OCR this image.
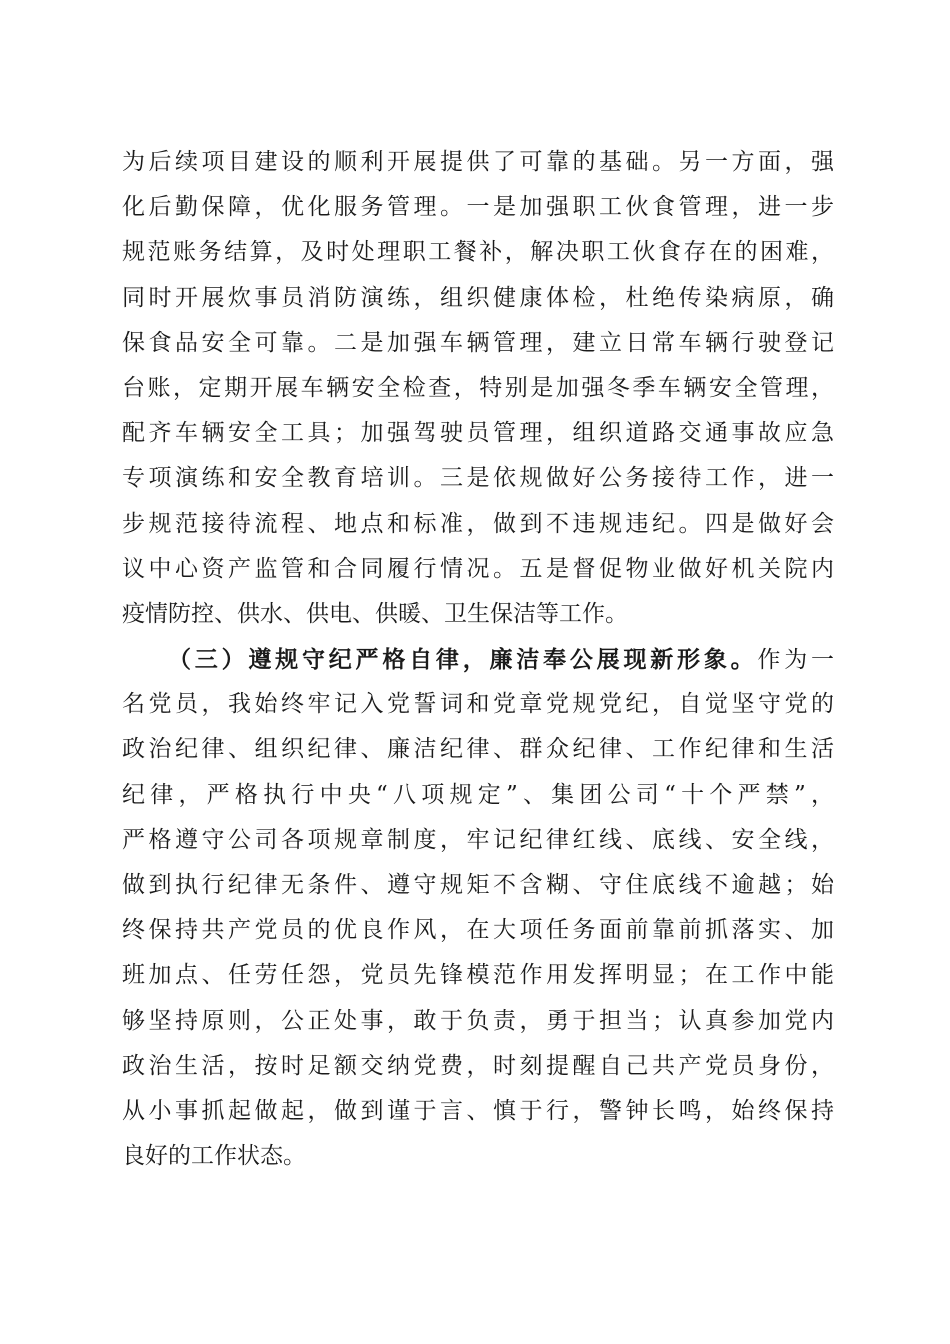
为后续项目建设的顺利开展提供了可靠的基础。另一方面，强
化后勤保障，优化服务管理。一是加强职工伙食管理，进一步
规范账务结算，及时处理职工餐补，解决职工伙食存在的困难，
同时开展炊事员消防演练，组织健康体检，杜绝传染病原，确
保食品安全可靠。二是加强车辆管理，建立日常车辆行驶登记
台账，定期开展车辆安全检查，特别是加强冬季车辆安全管理，
配齐车辆安全工具；加强驾驶员管理，组织道路交通事故应急
专项演练和安全教育培训。三是依规做好公务接待工作，进一
步规范接待流程、地点和标准，做到不违规违纪。四是做好会
议中心资产监管和合同履行情况。五是督促物业做好机关院内
疫情防控、供水、供电、供暖、卫生保洁等工作。
（三）遵规守纪严格自律，廉洁奉公展现新形象。作为一
名党员，我始终牢记入党誓词和党章党规党纪，自觉坚守党的
政治纪律、组织纪律、廉洁纪律、群众纪律、工作纪律和生活
纪律，严格执行中央“八项规定”、集团公司“十个严禁”，
严格遵守公司各项规章制度，牢记纪律红线、底线、安全线，
做到执行纪律无条件、遵守规矩不含糊、守住底线不逾越；始
终保持共产党员的优良作风，在大项任务面前靠前抓落实、加
班加点、任劳任怨，党员先锋模范作用发挥明显；在工作中能
够坚持原则，公正处事，敢于负责，勇于担当；认真参加党内
政治生活，按时足额交纳党费，时刻提醒自己共产党员身份，
从小事抓起做起，做到谨于言、慎于行，警钟长鸣，始终保持
良好的工作状态。
